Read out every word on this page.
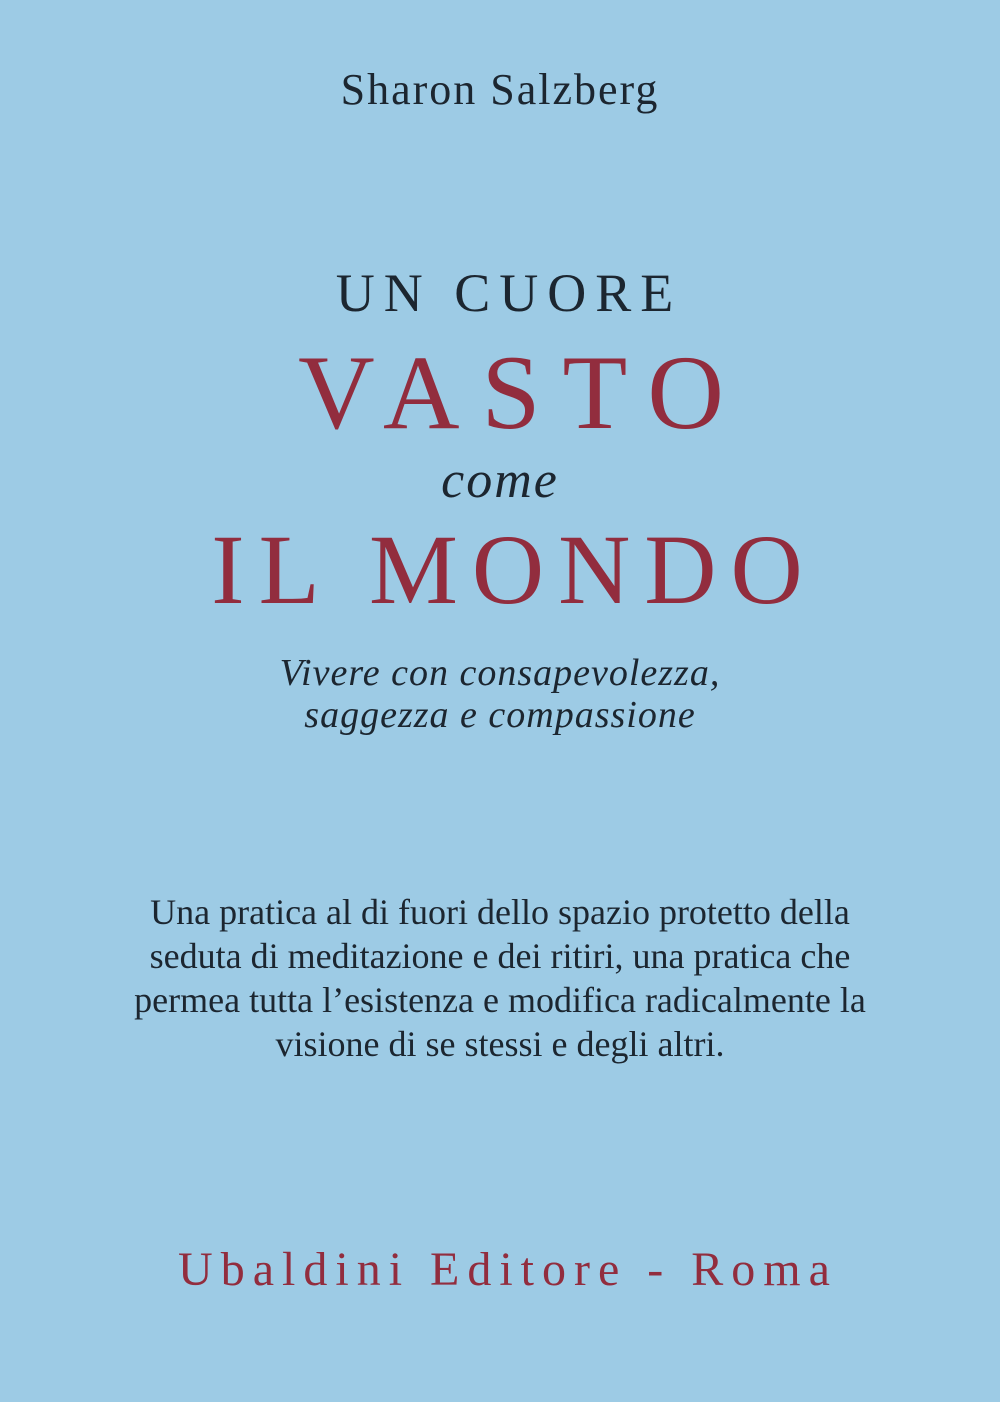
Sharon Salzberg
UN CUORE
VASTO
come
IL MONDO
Vivere con consapevolezza,
saggezza e compassione
Una pratica al di fuori dello spazio protetto della
seduta di meditazione e dei ritiri, una pratica che
permea tutta l’esistenza e modifica radicalmente la
visione di se stessi e degli altri.
Ubaldini Editore - Roma
